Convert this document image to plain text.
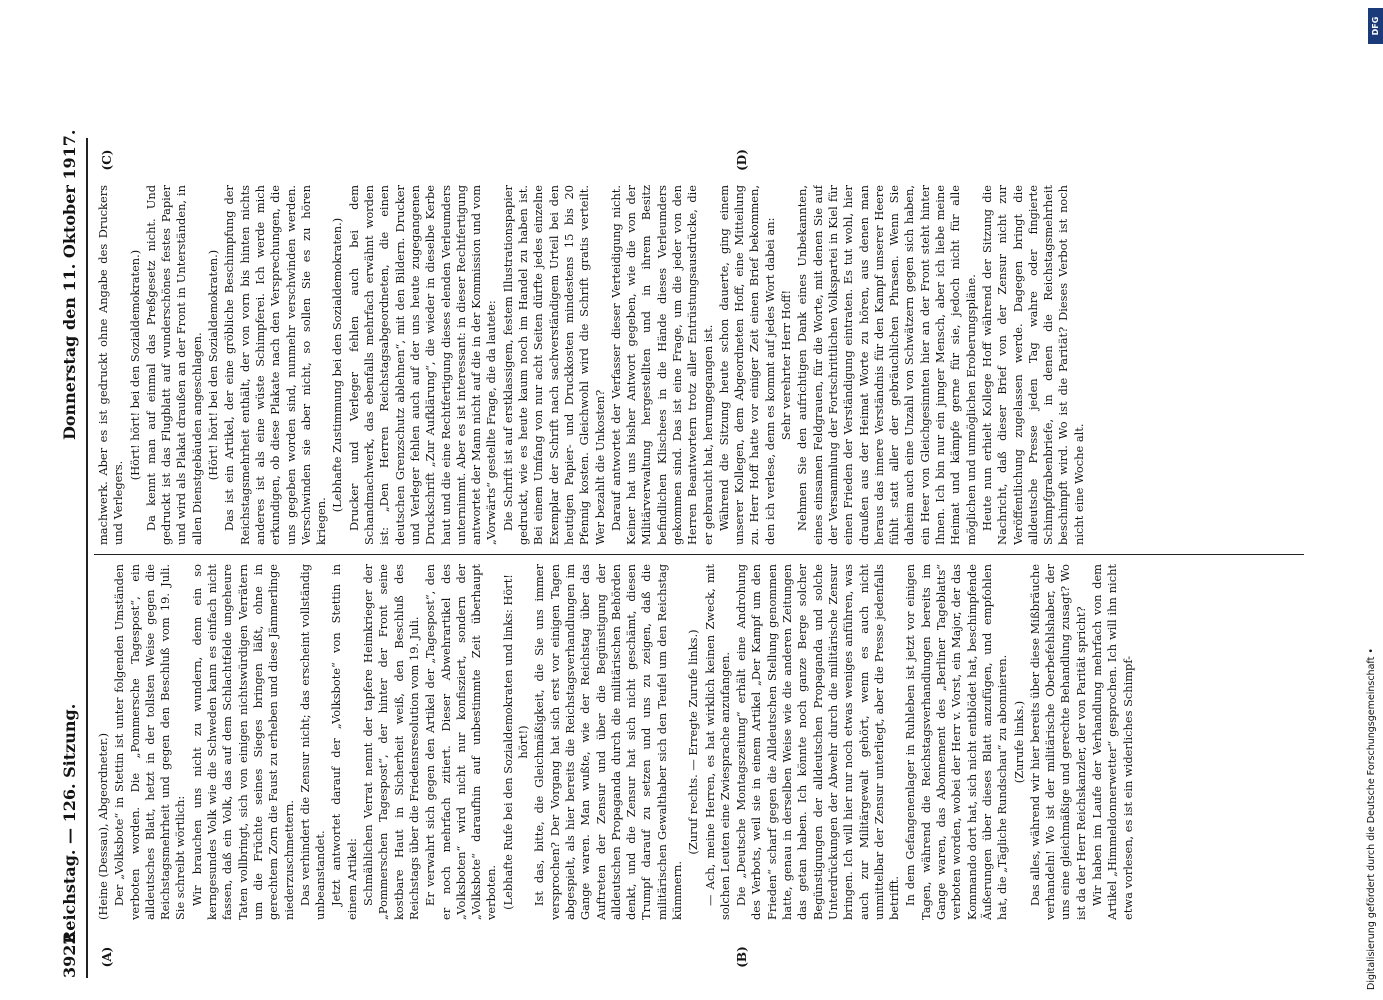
3922
Reichstag. — 126. Sitzung.
Donnerstag den 11. Oktober 1917.
(A)	(B)
(C)	(D)

(Heine (Dessau), Abgeordneter.) Der „Volksbote“ in Stettin ist unter folgenden Umständen verboten worden. Die „Pommersche Tagespost“, ein alldeutsches Blatt, hetzt in der tollsten Weise gegen die Reichstagsmehrheit und gegen den Beschluß vom 19. Juli. Sie schreibt wörtlich: Wir brauchen uns nicht zu wundern, denn ein so kerngesundes Volk wie die Schweden kann es einfach nicht fassen, daß ein Volk, das auf dem Schlachtfelde ungeheure Taten vollbringt, sich von einigen nichtswürdigen Verrätern um die Früchte seines Sieges bringen läßt, ohne in gerechtem Zorn die Faust zu erheben und diese Jämmerlinge niederzuschmettern. Das verhindert die Zensur nicht; das erscheint vollständig unbeanstandet. Jetzt antwortet darauf der „Volksbote“ von Stettin in einem Artikel: Schmählichen Verrat nennt der tapfere Heimkrieger der „Pommerschen Tagespost“, der hinter der Front seine kostbare Haut in Sicherheit weiß, den Beschluß des Reichstags über die Friedensresolution vom 19. Juli. Er verwahrt sich gegen den Artikel der „Tagespost“, den er noch mehrfach zitiert. Dieser Abwehrartikel des „Volksboten“ wird nicht nur konfisziert, sondern der „Volksbote“ daraufhin auf unbestimmte Zeit überhaupt verboten. (Lebhafte Rufe bei den Sozialdemokraten und links: Hört! hört!) Ist das, bitte, die Gleichmäßigkeit, die Sie uns immer versprochen? Der Vorgang hat sich erst vor einigen Tagen abgespielt, als hier bereits die Reichstagsverhandlungen im Gange waren. Man wußte, wie der Reichstag über das Auftreten der Zensur und über die Begünstigung der alldeutschen Propaganda durch die militärischen Behörden denkt, und die Zensur hat sich nicht geschämt, diesen Trumpf darauf zu setzen und uns zu zeigen, daß die militärischen Gewalthaber sich den Teufel um den Reichstag kümmern.

(Zuruf rechts. — Erregte Zurufe links.) — Ach, meine Herren, es hat wirklich keinen Zweck, mit solchen Leuten eine Zwiesprache anzufangen. Die „Deutsche Montagszeitung“ erhält eine Androhung des Verbots, weil sie in einem Artikel „Der Kampf um den Frieden“ scharf gegen die Alldeutschen Stellung genommen hatte, genau in derselben Weise wie die anderen Zeitungen das getan haben. Ich könnte noch ganze Berge solcher Begünstigungen der alldeutschen Propaganda und solche Unterdrückungen der Abwehr durch die militärische Zensur bringen. Ich will hier nur noch etwas weniges anführen, was auch zur Militärgewalt gehört, wenn es auch nicht unmittelbar der Zensur unterliegt, aber die Presse jedenfalls betrifft. In dem Gefangenenlager in Ruhleben ist jetzt vor einigen Tagen, während die Reichstagsverhandlungen bereits im Gange waren, das Abonnement des „Berliner Tageblatts“ verboten worden, wobei der Herr v. Vorst, ein Major, der das Kommando dort hat, sich nicht entblödet hat, beschimpfende Äußerungen über dieses Blatt anzufügen, und empfohlen hat, die „Tägliche Rundschau“ zu abonnieren. (Zurufe links.) Das alles, während wir hier bereits über diese Mißbräuche verhandeln! Wo ist der militärische Oberbefehlshaber, der uns eine gleichmäßige und gerechte Behandlung zusagt? Wo ist da der Herr Reichskanzler, der von Parität spricht? Wir haben im Laufe der Verhandlung mehrfach von dem Artikel „Himmeldonnerwetter“ gesprochen. Ich will ihn nicht etwa vorlesen, es ist ein widerliches Schimpf-

machwerk. Aber es ist gedruckt ohne Angabe des Druckers und Verlegers.

(Hört! hört! bei den Sozialdemokraten.) Da kennt man auf einmal das Preßgesetz nicht. Und gedruckt ist das Flugblatt auf wunderschönes festes Papier und wird als Plakat draußen an der Front in Unterständen, in allen Dienstgebäuden angeschlagen. (Hört! hört! bei den Sozialdemokraten.) Das ist ein Artikel, der eine gröbliche Beschimpfung der Reichstagsmehrheit enthält, der von vorn bis hinten nichts anderes ist als eine wüste Schimpferei. Ich werde mich erkundigen, ob diese Plakate nach den Versprechungen, die uns gegeben worden sind, nunmehr verschwinden werden. Verschwinden sie aber nicht, so sollen Sie es zu hören kriegen.

(Lebhafte Zustimmung bei den Sozialdemokraten.) Drucker und Verleger fehlen auch bei dem Schandmachwerk, das ebenfalls mehrfach erwähnt worden ist: „Den Herren Reichstagsabgeordneten, die einen deutschen Grenzschutz ablehnen“, mit den Bildern. Drucker und Verleger fehlen auch auf der uns heute zugegangenen Druckschrift „Zur Aufklärung“, die wieder in dieselbe Kerbe haut und die eine Rechtfertigung dieses elenden Verleumders unternimmt. Aber es ist interessant: in dieser Rechtfertigung antwortet der Mann nicht auf die in der Kommission und vom „Vorwärts“ gestellte Frage, die da lautete: Die Schrift ist auf erstklassigem, festem Illustrationspapier gedruckt, wie es heute kaum noch im Handel zu haben ist. Bei einem Umfang von nur acht Seiten dürfte jedes einzelne Exemplar der Schrift nach sachverständigem Urteil bei den heutigen Papier- und Druckkosten mindestens 15 bis 20 Pfennig kosten. Gleichwohl wird die Schrift gratis verteilt. Wer bezahlt die Unkosten? Darauf antwortet der Verfasser dieser Verteidigung nicht. Keiner hat uns bisher Antwort gegeben, wie die von der Militärverwaltung hergestellten und in ihrem Besitz befindlichen Klischees in die Hände dieses Verleumders gekommen sind. Das ist eine Frage, um die jeder von den Herren Beantwortern trotz aller Entrüstungsausdrücke, die er gebraucht hat, herumgegangen ist. Während die Sitzung heute schon dauerte, ging einem unserer Kollegen, dem Abgeordneten Hoff, eine Mitteilung zu. Herr Hoff hatte vor einiger Zeit einen Brief bekommen, den ich verlese, denn es kommt auf jedes Wort dabei an: Sehr verehrter Herr Hoff! Nehmen Sie den aufrichtigen Dank eines Unbekannten, eines einsamen Feldgrauen, für die Worte, mit denen Sie auf der Versammlung der Fortschrittlichen Volkspartei in Kiel für einen Frieden der Verständigung eintraten. Es tut wohl, hier draußen aus der Heimat Worte zu hören, aus denen man heraus das innere Verständnis für den Kampf unserer Heere fühlt statt aller der gebräuchlichen Phrasen. Wenn Sie daheim auch eine Unzahl von Schwätzern gegen sich haben, ein Heer von Gleichgesinnten hier an der Front steht hinter Ihnen. Ich bin nur ein junger Mensch, aber ich liebe meine Heimat und kämpfe gerne für sie, jedoch nicht für alle möglichen und unmöglichen Eroberungspläne. Heute nun erhielt Kollege Hoff während der Sitzung die Nachricht, daß dieser Brief von der Zensur nicht zur Veröffentlichung zugelassen werde. Dagegen bringt die alldeutsche Presse jeden Tag wahre oder fingierte Schimpfgrabenbriefe, in denen die Reichstagsmehrheit beschimpft wird. Wo ist die Parität? Dieses Verbot ist noch nicht eine Woche alt.

DFG
Digitalisierung gefördert durch die Deutsche Forschungsgemeinschaft •
